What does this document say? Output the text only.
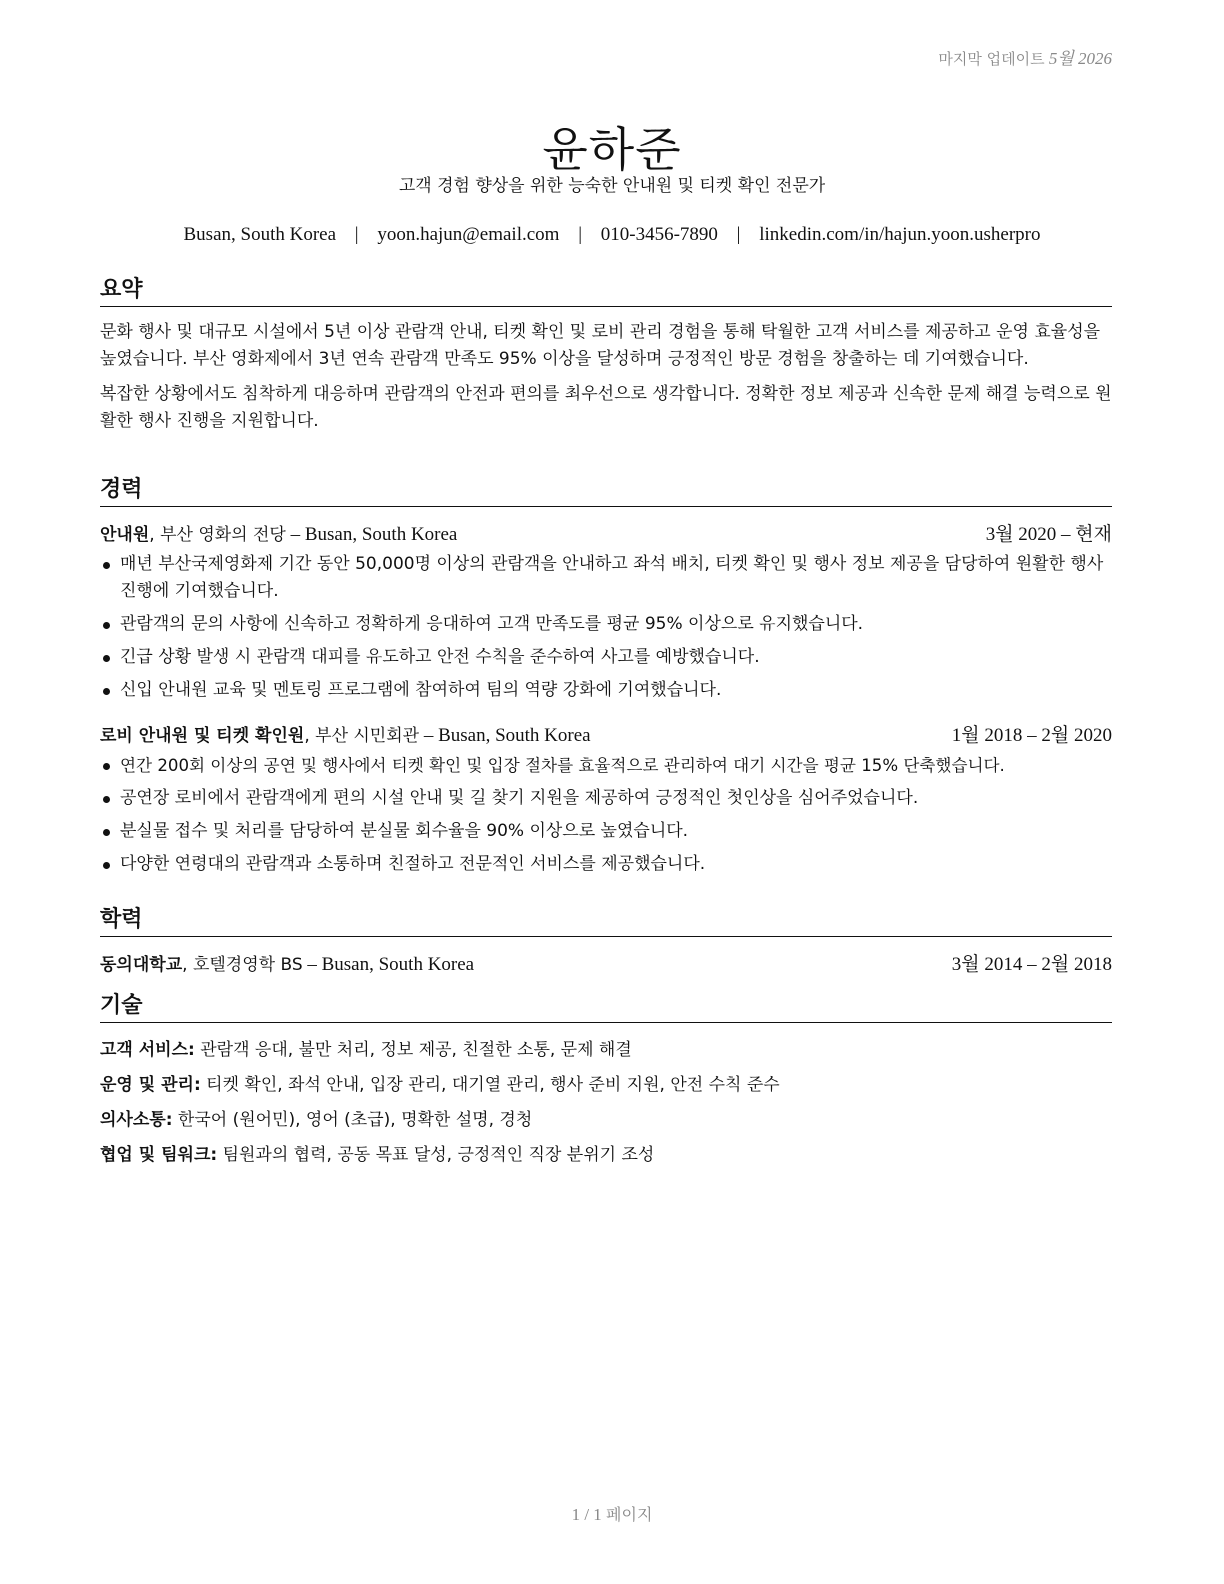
마지막 업데이트 5월 2026
윤하준
고객 경험 향상을 위한 능숙한 안내원 및 티켓 확인 전문가
Busan, South Korea | yoon.hajun@email.com | 010-3456-7890 | linkedin.com/in/hajun.yoon.usherpro
요약

문화 행사 및 대규모 시설에서 5년 이상 관람객 안내, 티켓 확인 및 로비 관리 경험을 통해 탁월한 고객 서비스를 제공하고 운영 효율성을 높였습니다. 부산 영화제에서 3년 연속 관람객 만족도 95% 이상을 달성하며 긍정적인 방문 경험을 창출하는 데 기여했습니다.

복잡한 상황에서도 침착하게 대응하며 관람객의 안전과 편의를 최우선으로 생각합니다. 정확한 정보 제공과 신속한 문제 해결 능력으로 원활한 행사 진행을 지원합니다.

경력
안내원, 부산 영화의 전당 – Busan, South Korea	3월 2020 – 현재
매년 부산국제영화제 기간 동안 50,000명 이상의 관람객을 안내하고 좌석 배치, 티켓 확인 및 행사 정보 제공을 담당하여 원활한 행사 진행에 기여했습니다.
관람객의 문의 사항에 신속하고 정확하게 응대하여 고객 만족도를 평균 95% 이상으로 유지했습니다.
긴급 상황 발생 시 관람객 대피를 유도하고 안전 수칙을 준수하여 사고를 예방했습니다.
신입 안내원 교육 및 멘토링 프로그램에 참여하여 팀의 역량 강화에 기여했습니다.
로비 안내원 및 티켓 확인원, 부산 시민회관 – Busan, South Korea	1월 2018 – 2월 2020
연간 200회 이상의 공연 및 행사에서 티켓 확인 및 입장 절차를 효율적으로 관리하여 대기 시간을 평균 15% 단축했습니다.
공연장 로비에서 관람객에게 편의 시설 안내 및 길 찾기 지원을 제공하여 긍정적인 첫인상을 심어주었습니다.
분실물 접수 및 처리를 담당하여 분실물 회수율을 90% 이상으로 높였습니다.
다양한 연령대의 관람객과 소통하며 친절하고 전문적인 서비스를 제공했습니다.
학력
동의대학교, 호텔경영학 BS – Busan, South Korea	3월 2014 – 2월 2018
기술
고객 서비스: 관람객 응대, 불만 처리, 정보 제공, 친절한 소통, 문제 해결
운영 및 관리: 티켓 확인, 좌석 안내, 입장 관리, 대기열 관리, 행사 준비 지원, 안전 수칙 준수
의사소통: 한국어 (원어민), 영어 (초급), 명확한 설명, 경청
협업 및 팀워크: 팀원과의 협력, 공동 목표 달성, 긍정적인 직장 분위기 조성
1 / 1 페이지
